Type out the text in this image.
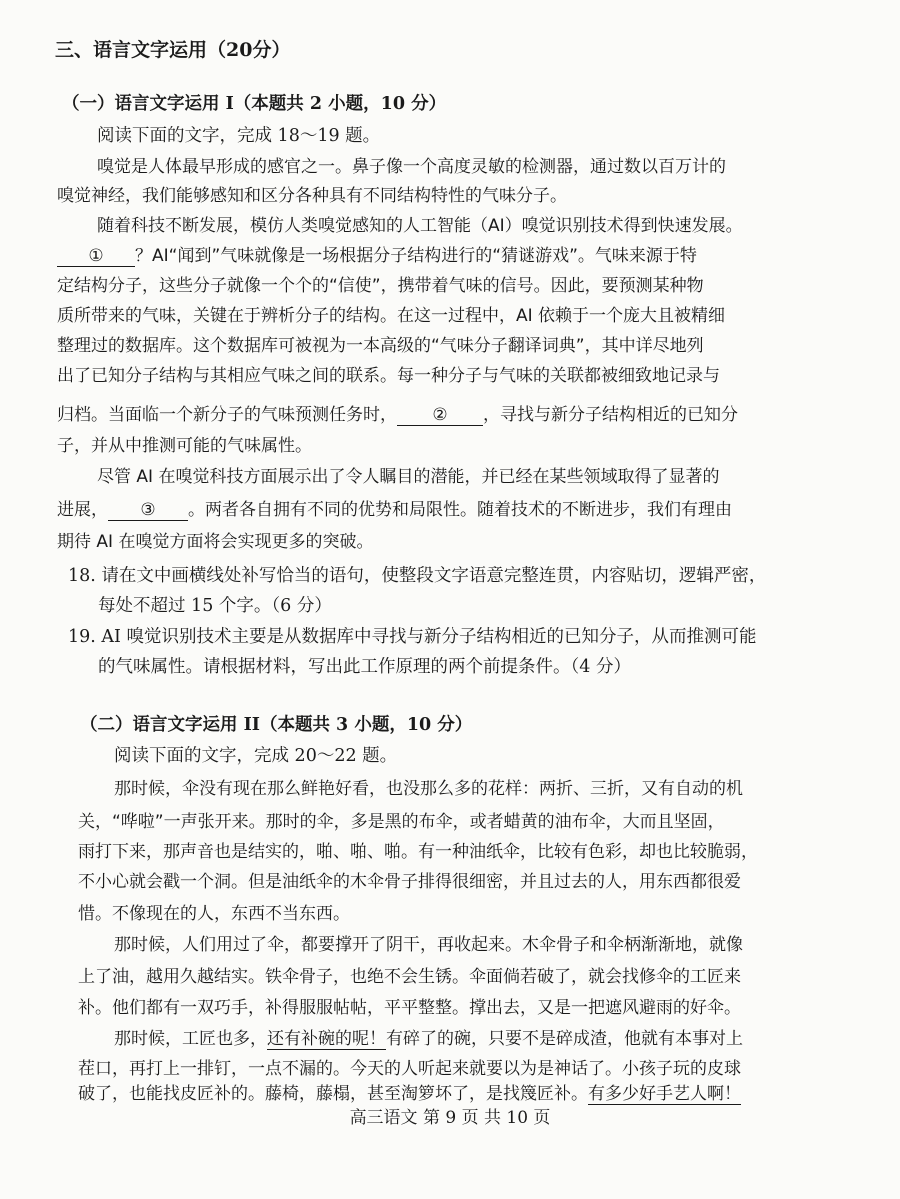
三、语言文字运用（20分）
（一）语言文字运用 I（本题共 2 小题，10 分）
阅读下面的文字，完成 18～19 题。
嗅觉是人体最早形成的感官之一。鼻子像一个高度灵敏的检测器，通过数以百万计的
嗅觉神经，我们能够感知和区分各种具有不同结构特性的气味分子。
随着科技不断发展，模仿人类嗅觉感知的人工智能（AI）嗅觉识别技术得到快速发展。
① ？AI“闻到”气味就像是一场根据分子结构进行的“猜谜游戏”。气味来源于特
定结构分子，这些分子就像一个个的“信使”，携带着气味的信号。因此，要预测某种物
质所带来的气味，关键在于辨析分子的结构。在这一过程中，AI 依赖于一个庞大且被精细
整理过的数据库。这个数据库可被视为一本高级的“气味分子翻译词典”，其中详尽地列
出了已知分子结构与其相应气味之间的联系。每一种分子与气味的关联都被细致地记录与
归档。当面临一个新分子的气味预测任务时， ② ，寻找与新分子结构相近的已知分
子，并从中推测可能的气味属性。
尽管 AI 在嗅觉科技方面展示出了令人瞩目的潜能，并已经在某些领域取得了显著的
进展， ③ 。两者各自拥有不同的优势和局限性。随着技术的不断进步，我们有理由
期待 AI 在嗅觉方面将会实现更多的突破。
18. 请在文中画横线处补写恰当的语句，使整段文字语意完整连贯，内容贴切，逻辑严密，
每处不超过 15 个字。（6 分）
19. AI 嗅觉识别技术主要是从数据库中寻找与新分子结构相近的已知分子，从而推测可能
的气味属性。请根据材料，写出此工作原理的两个前提条件。（4 分）
（二）语言文字运用 II（本题共 3 小题，10 分）
阅读下面的文字，完成 20～22 题。
那时候，伞没有现在那么鲜艳好看，也没那么多的花样：两折、三折，又有自动的机
关，“哗啦”一声张开来。那时的伞，多是黑的布伞，或者蜡黄的油布伞，大而且坚固，
雨打下来，那声音也是结实的，啪、啪、啪。有一种油纸伞，比较有色彩，却也比较脆弱，
不小心就会戳一个洞。但是油纸伞的木伞骨子排得很细密，并且过去的人，用东西都很爱
惜。不像现在的人，东西不当东西。
那时候，人们用过了伞，都要撑开了阴干，再收起来。木伞骨子和伞柄渐渐地，就像
上了油，越用久越结实。铁伞骨子，也绝不会生锈。伞面倘若破了，就会找修伞的工匠来
补。他们都有一双巧手，补得服服帖帖，平平整整。撑出去，又是一把遮风避雨的好伞。
那时候，工匠也多，还有补碗的呢！有碎了的碗，只要不是碎成渣，他就有本事对上
茬口，再打上一排钉，一点不漏的。今天的人听起来就要以为是神话了。小孩子玩的皮球
破了，也能找皮匠补的。藤椅，藤榻，甚至淘箩坏了，是找篾匠补。有多少好手艺人啊！
高三语文 第 9 页 共 10 页
